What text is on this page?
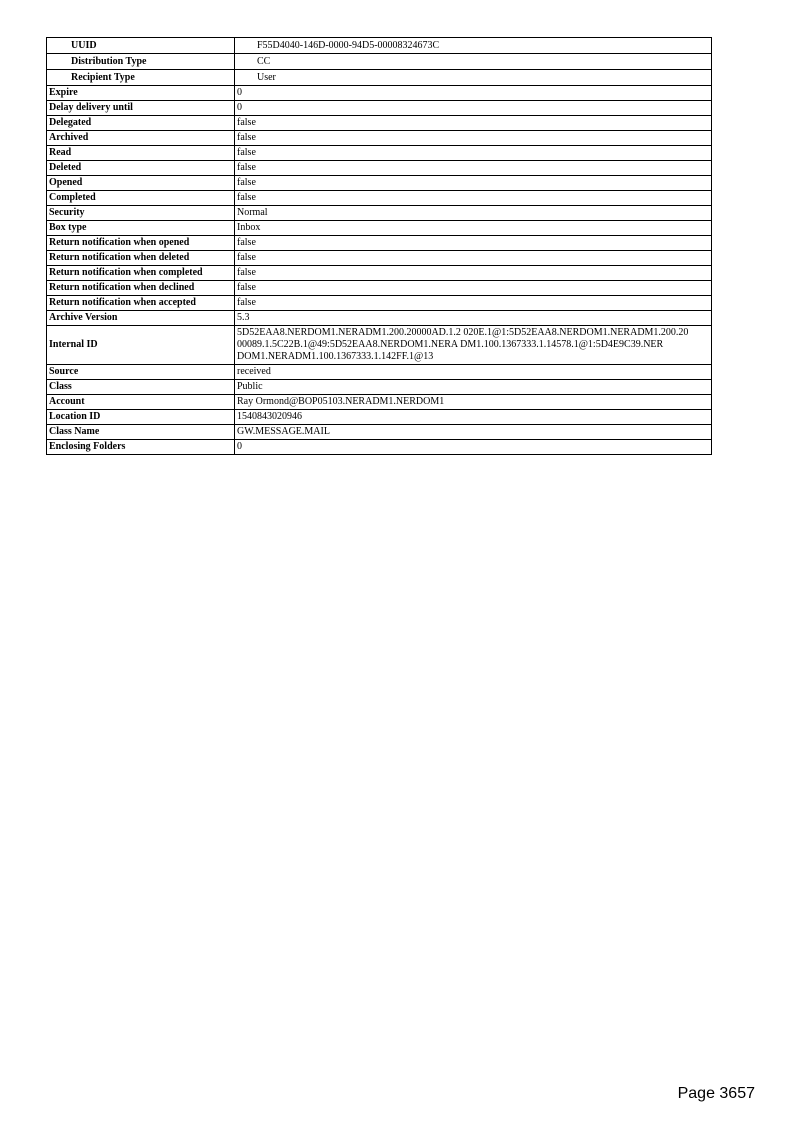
UUID	F55D4040-146D-0000-94D5-00008324673C
Distribution Type	CC
Recipient Type	User
Expire	0
Delay delivery until	0
Delegated	false
Archived	false
Read	false
Deleted	false
Opened	false
Completed	false
Security	Normal
Box type	Inbox
Return notification when opened	false
Return notification when deleted	false
Return notification when completed	false
Return notification when declined	false
Return notification when accepted	false
Archive Version	5.3
Internal ID	5D52EAA8.NERDOM1.NERADM1.200.20000AD.1.2 020E.1@1:5D52EAA8.NERDOM1.NERADM1.200.20 00089.1.5C22B.1@49:5D52EAA8.NERDOM1.NERA DM1.100.1367333.1.14578.1@1:5D4E9C39.NER DOM1.NERADM1.100.1367333.1.142FF.1@13
Source	received
Class	Public
Account	Ray Ormond@BOP05103.NERADM1.NERDOM1
Location ID	1540843020946
Class Name	GW.MESSAGE.MAIL
Enclosing Folders	0
Page 3657
